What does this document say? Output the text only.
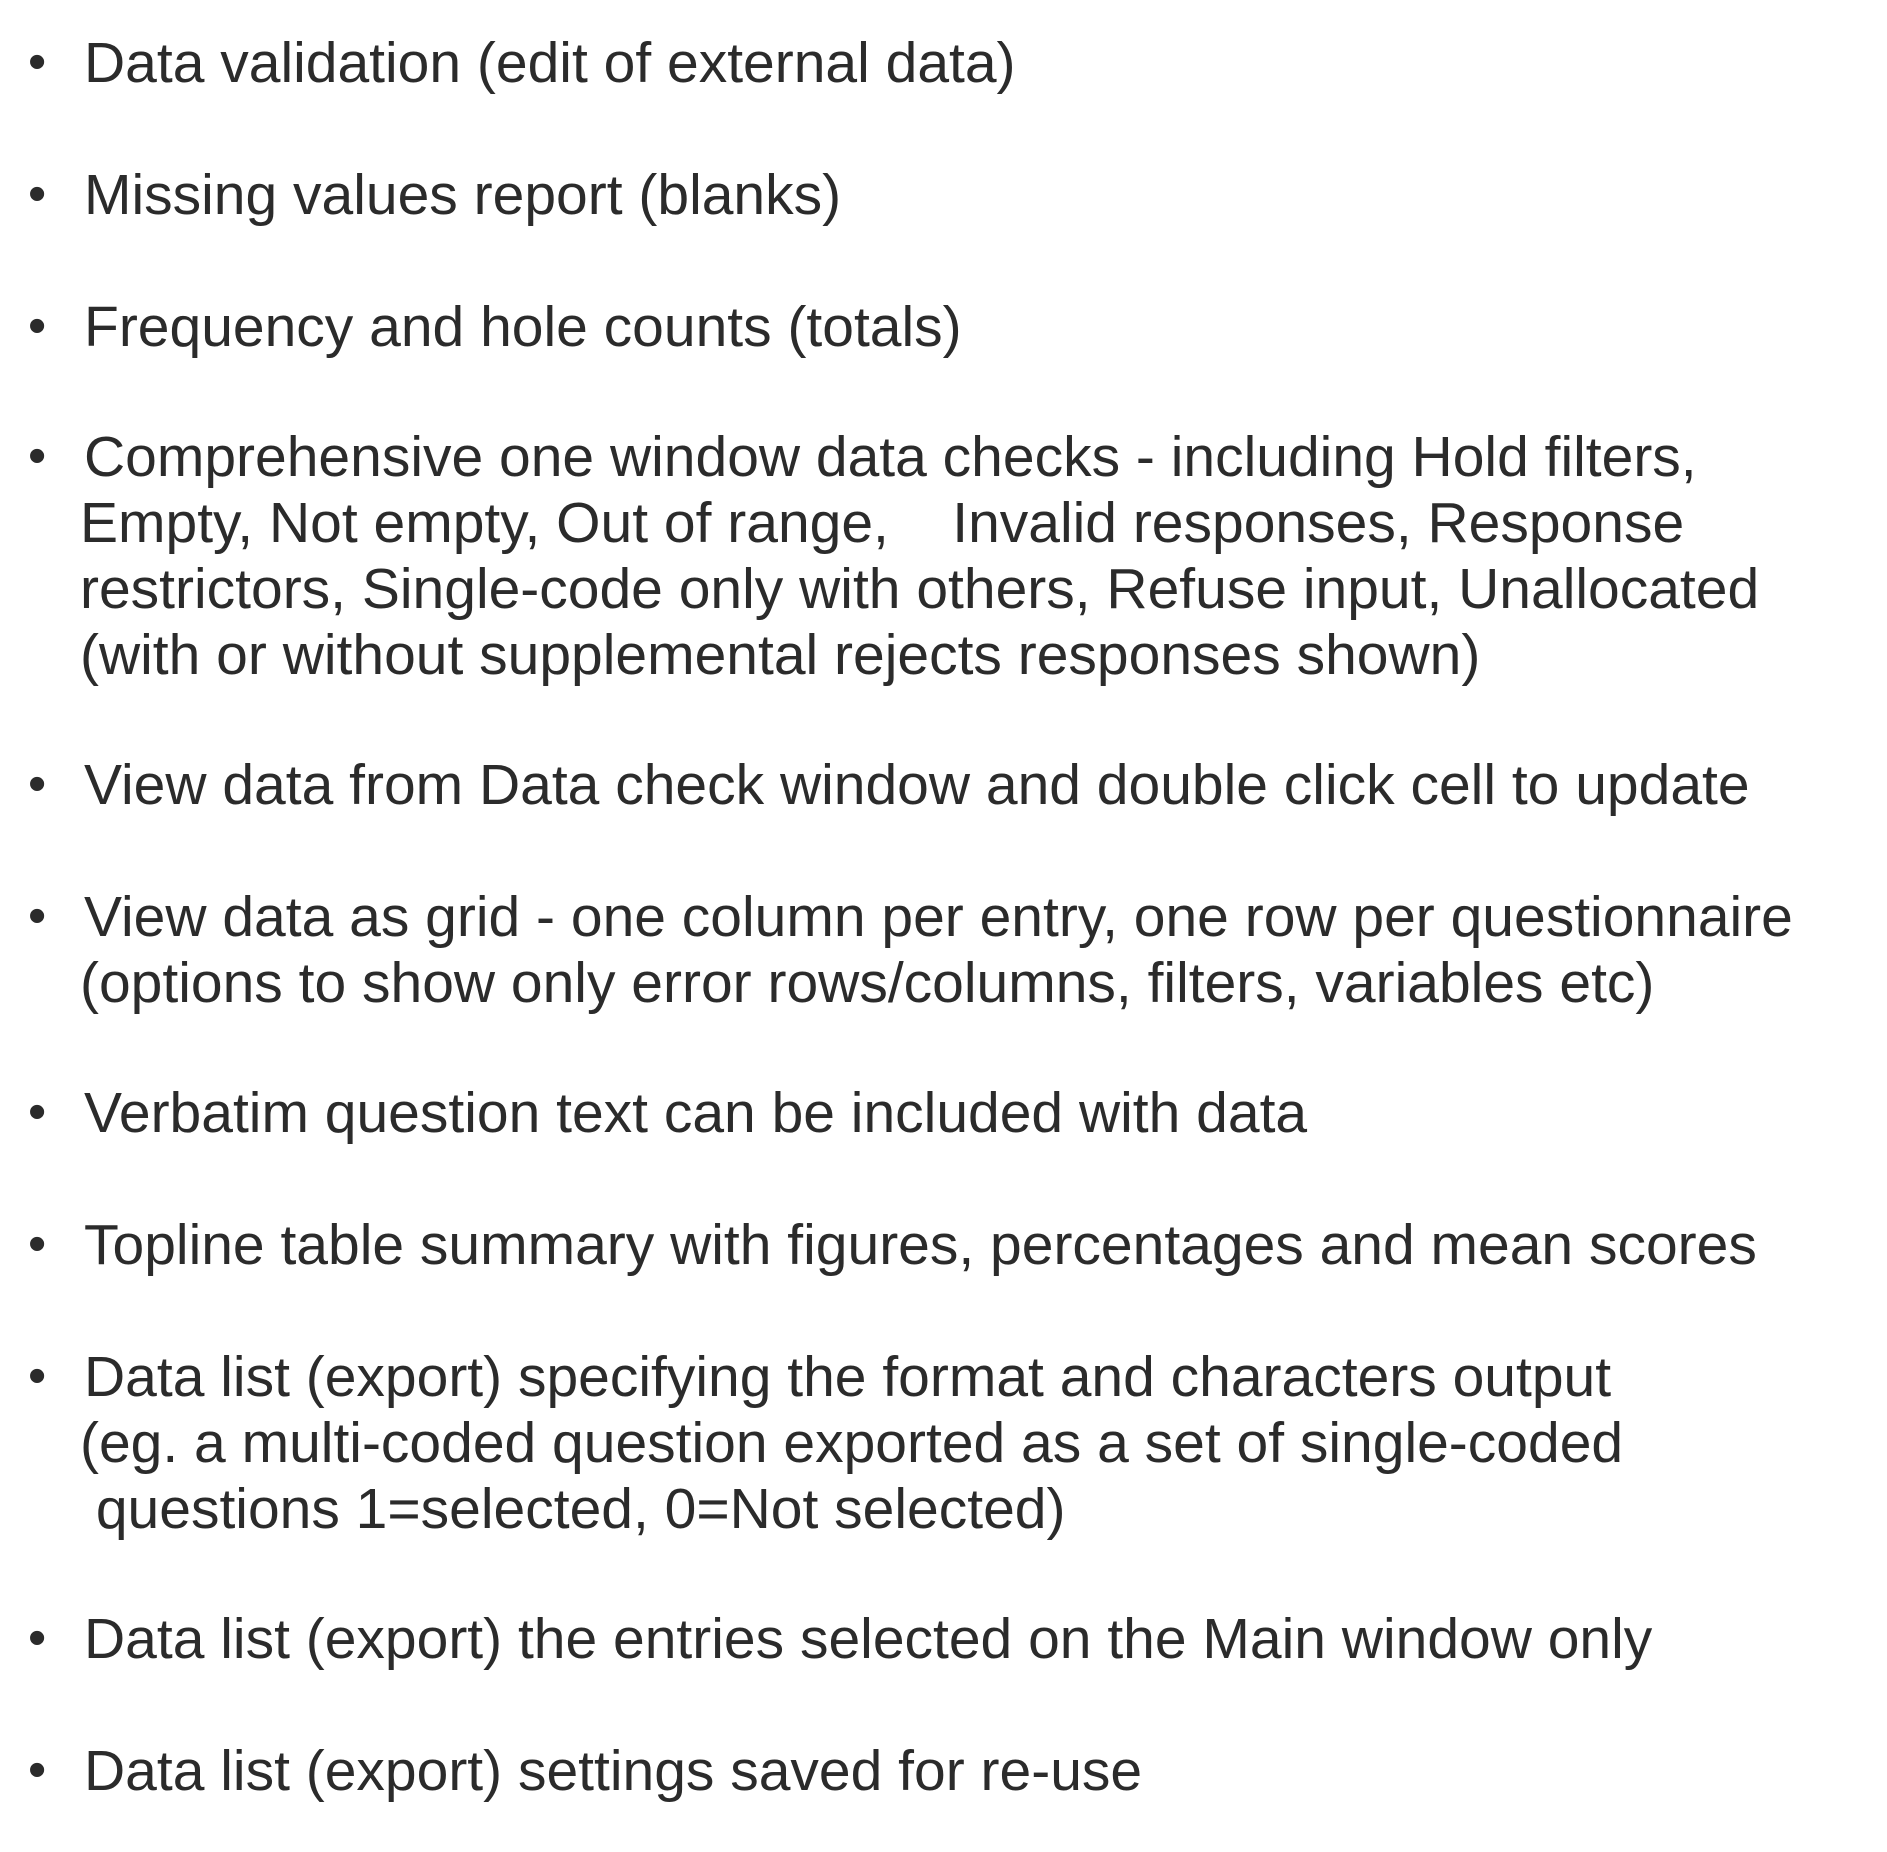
• Data validation (edit of external data)
• Missing values report (blanks)
• Frequency and hole counts (totals)
• Comprehensive one window data checks - including Hold filters,
Empty, Not empty, Out of range,    Invalid responses, Response
restrictors, Single-code only with others, Refuse input, Unallocated
(with or without supplemental rejects responses shown)
• View data from Data check window and double click cell to update
• View data as grid - one column per entry, one row per questionnaire
(options to show only error rows/columns, filters, variables etc)
• Verbatim question text can be included with data
• Topline table summary with figures, percentages and mean scores
• Data list (export) specifying the format and characters output
(eg. a multi-coded question exported as a set of single-coded
questions 1=selected, 0=Not selected)
• Data list (export) the entries selected on the Main window only
• Data list (export) settings saved for re-use
